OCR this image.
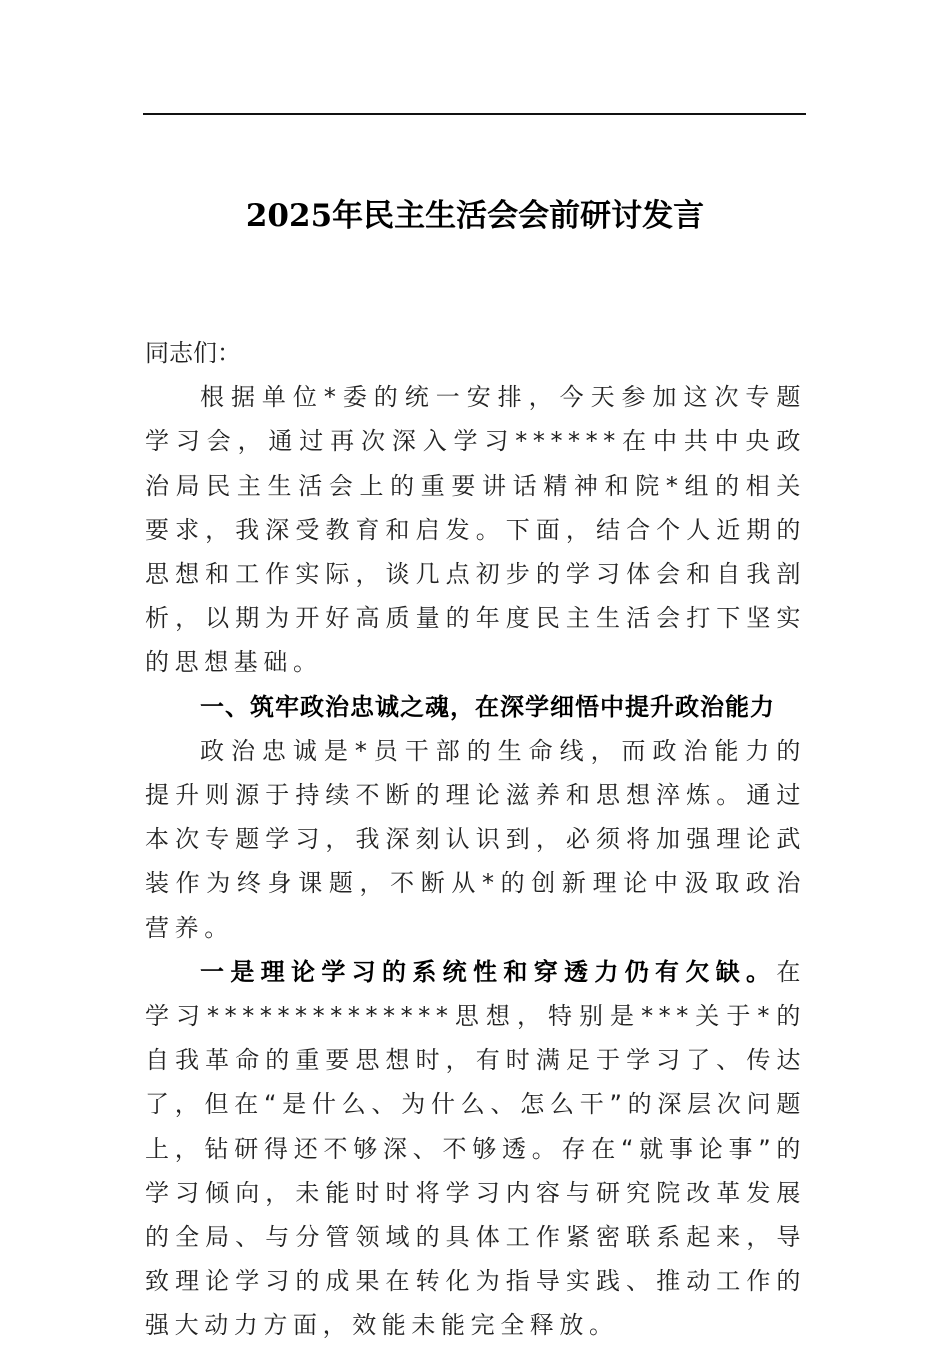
2025年民主生活会会前研讨发言

同志们：

根据单位*委的统一安排，今天参加这次专题学习会，通过再次深入学习******在中共中央政治局民主生活会上的重要讲话精神和院*组的相关要求，我深受教育和启发。下面，结合个人近期的思想和工作实际，谈几点初步的学习体会和自我剖析，以期为开好高质量的年度民主生活会打下坚实的思想基础。

一、筑牢政治忠诚之魂，在深学细悟中提升政治能力

政治忠诚是*员干部的生命线，而政治能力的提升则源于持续不断的理论滋养和思想淬炼。通过本次专题学习，我深刻认识到，必须将加强理论武装作为终身课题，不断从*的创新理论中汲取政治营养。

一是理论学习的系统性和穿透力仍有欠缺。在学习**************思想，特别是***关于*的自我革命的重要思想时，有时满足于学习了、传达了，但在“是什么、为什么、怎么干”的深层次问题上，钻研得还不够深、不够透。存在“就事论事”的学习倾向，未能时时将学习内容与研究院改革发展的全局、与分管领域的具体工作紧密联系起来，导致理论学习的成果在转化为指导实践、推动工作的强大动力方面，效能未能完全释放。
